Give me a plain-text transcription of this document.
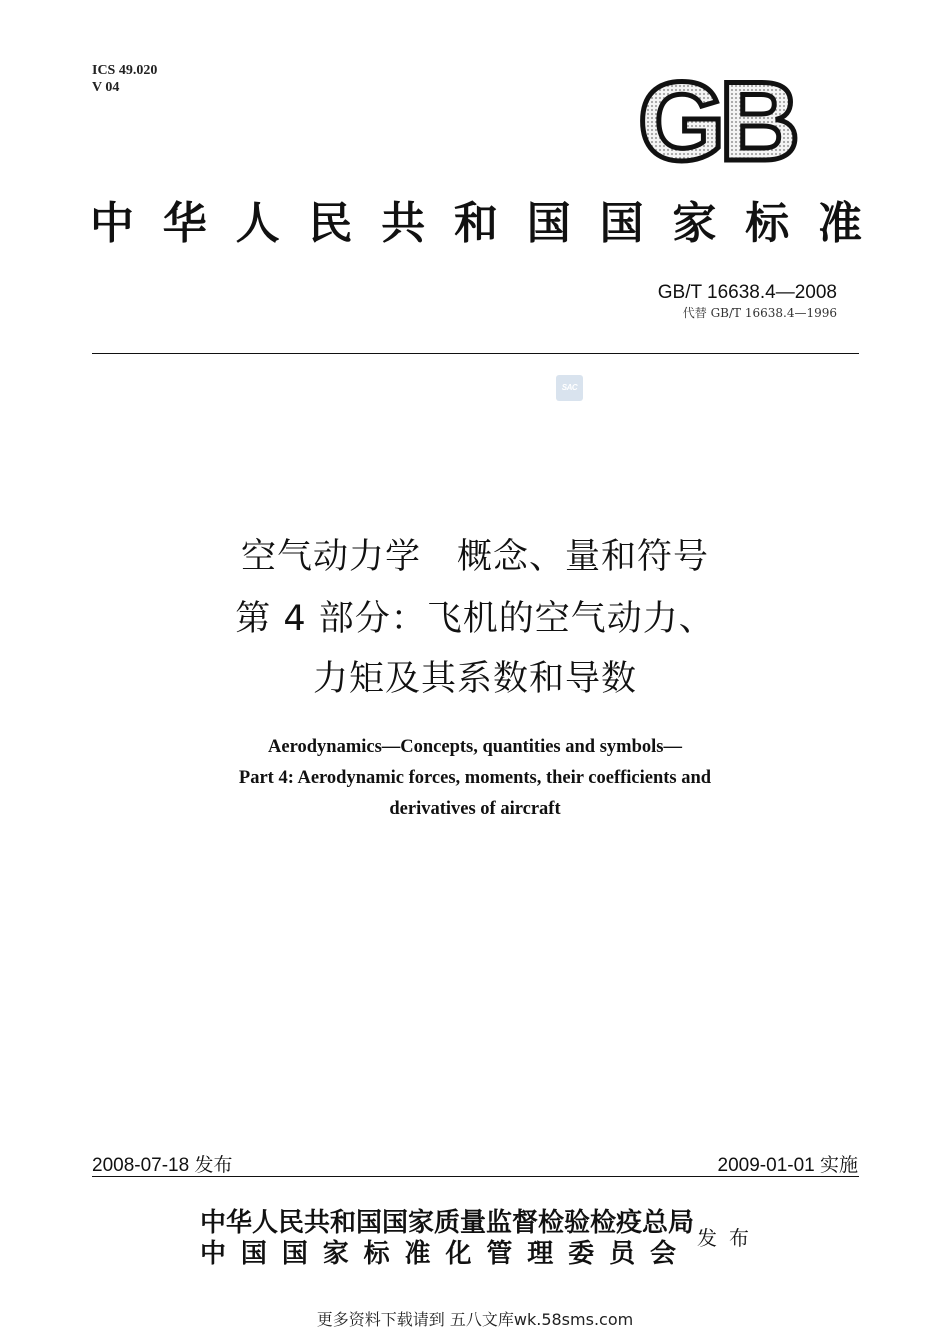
ICS 49.020
V 04	GB
中华人民共和国国家标准
GB/T 16638.4—2008
代替 GB/T 16638.4—1996
SAC
空气动力学　概念、量和符号
第 4 部分：飞机的空气动力、
力矩及其系数和导数
Aerodynamics—Concepts, quantities and symbols—
Part 4: Aerodynamic forces, moments, their coefficients and
derivatives of aircraft
2008-07-18 发布	2009-01-01 实施
中华人民共和国国家质量监督检验检疫总局
中国国家标准化管理委员会
发布
更多资料下载请到 五八文库wk.58sms.com
